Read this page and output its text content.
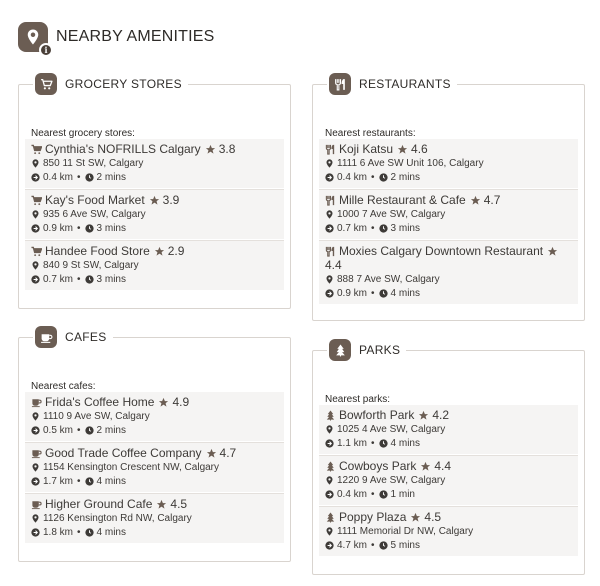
i
NEARBY AMENITIES
GROCERY STORES
Nearest grocery stores:
Cynthia's NOFRILLS Calgary 3.8
850 11 St SW, Calgary
0.4 km • 2 mins
Kay's Food Market 3.9
935 6 Ave SW, Calgary
0.9 km • 3 mins
Handee Food Store 2.9
840 9 St SW, Calgary
0.7 km • 3 mins
RESTAURANTS
Nearest restaurants:
Koji Katsu 4.6
1111 6 Ave SW Unit 106, Calgary
0.4 km • 2 mins
Mille Restaurant & Cafe 4.7
1000 7 Ave SW, Calgary
0.7 km • 3 mins
Moxies Calgary Downtown Restaurant
4.4
888 7 Ave SW, Calgary
0.9 km • 4 mins
CAFES
Nearest cafes:
Frida's Coffee Home 4.9
1110 9 Ave SW, Calgary
0.5 km • 2 mins
Good Trade Coffee Company 4.7
1154 Kensington Crescent NW, Calgary
1.7 km • 4 mins
Higher Ground Cafe 4.5
1126 Kensington Rd NW, Calgary
1.8 km • 4 mins
PARKS
Nearest parks:
Bowforth Park 4.2
1025 4 Ave SW, Calgary
1.1 km • 4 mins
Cowboys Park 4.4
1220 9 Ave SW, Calgary
0.4 km • 1 min
Poppy Plaza 4.5
1111 Memorial Dr NW, Calgary
4.7 km • 5 mins
